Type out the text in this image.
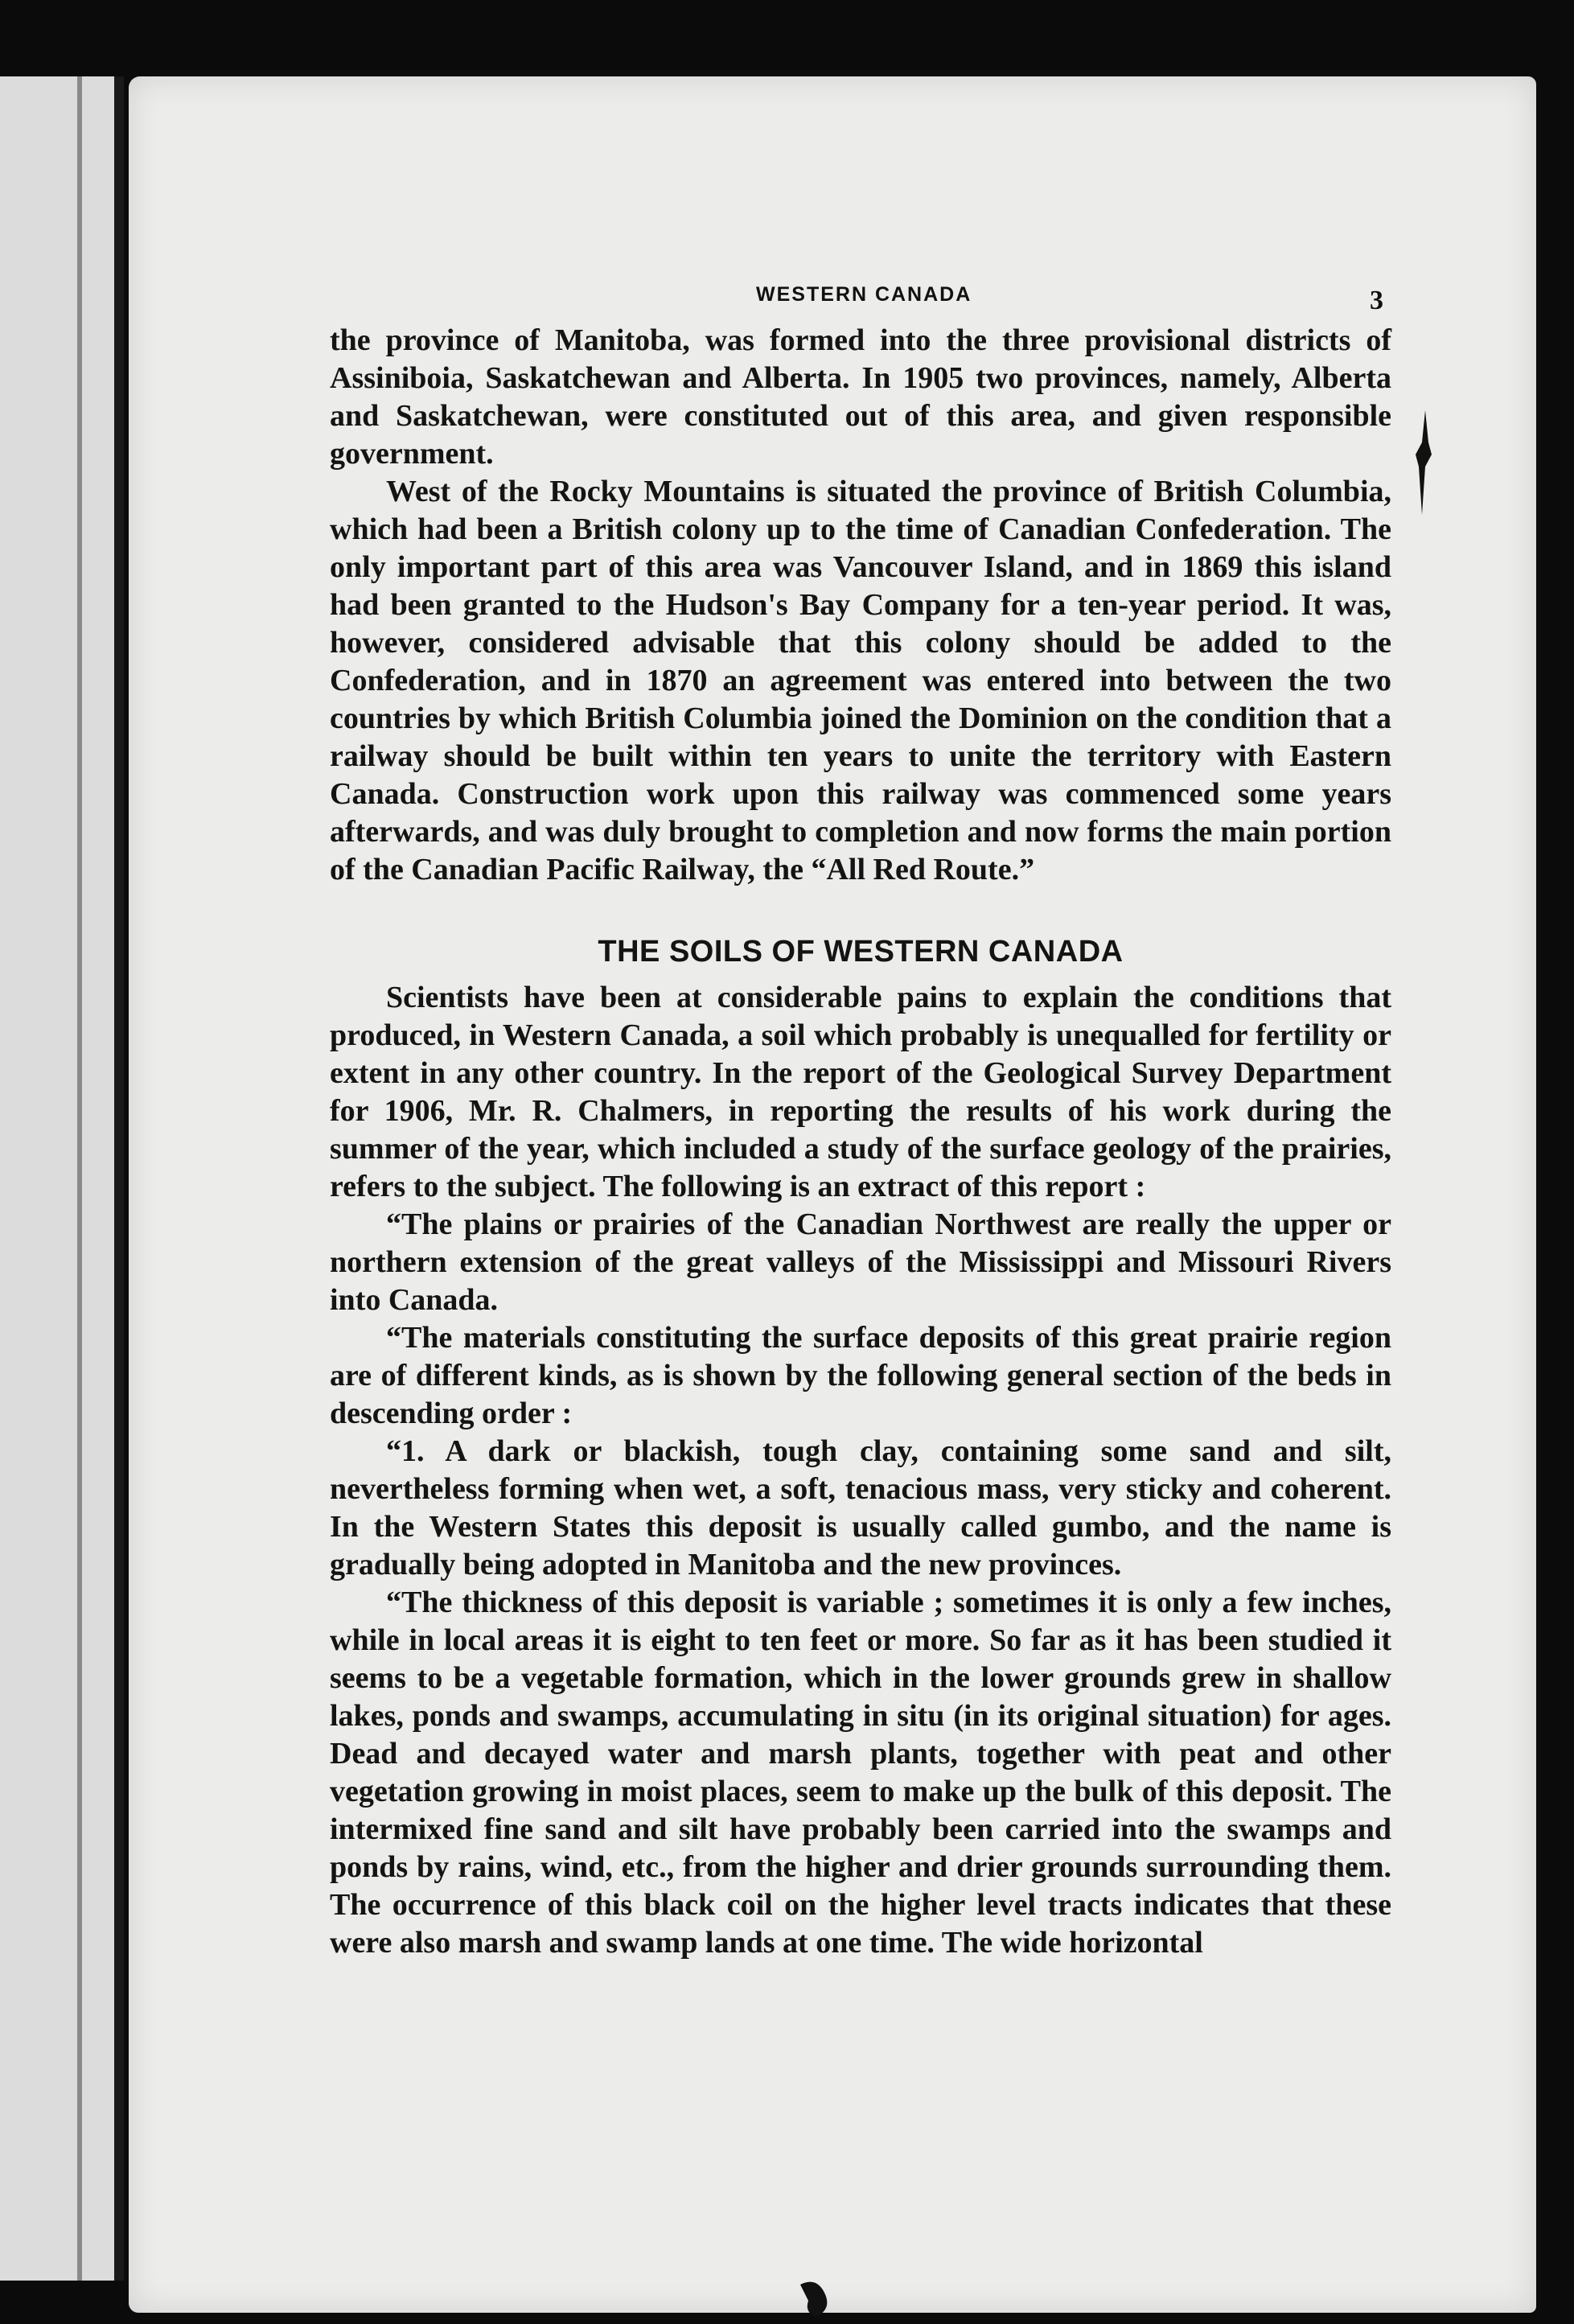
WESTERN CANADA	3

the province of Manitoba, was formed into the three provisional districts of Assiniboia, Saskatchewan and Alberta. In 1905 two provinces, namely, Alberta and Saskatchewan, were constituted out of this area, and given responsible government.

West of the Rocky Mountains is situated the province of British Columbia, which had been a British colony up to the time of Canadian Confederation. The only important part of this area was Vancouver Island, and in 1869 this island had been granted to the Hudson's Bay Company for a ten-year period. It was, however, considered advisable that this colony should be added to the Confederation, and in 1870 an agreement was entered into between the two countries by which British Columbia joined the Dominion on the condition that a railway should be built within ten years to unite the territory with Eastern Canada. Construction work upon this railway was commenced some years afterwards, and was duly brought to completion and now forms the main portion of the Canadian Pacific Railway, the “All Red Route.”

THE SOILS OF WESTERN CANADA

Scientists have been at considerable pains to explain the conditions that produced, in Western Canada, a soil which probably is unequalled for fertility or extent in any other country. In the report of the Geological Survey Department for 1906, Mr. R. Chalmers, in reporting the results of his work during the summer of the year, which included a study of the surface geology of the prairies, refers to the subject. The following is an extract of this report :

“The plains or prairies of the Canadian Northwest are really the upper or northern extension of the great valleys of the Mississippi and Missouri Rivers into Canada.

“The materials constituting the surface deposits of this great prairie region are of different kinds, as is shown by the following general section of the beds in descending order :

“1. A dark or blackish, tough clay, containing some sand and silt, nevertheless forming when wet, a soft, tenacious mass, very sticky and coherent. In the Western States this deposit is usually called gumbo, and the name is gradually being adopted in Manitoba and the new provinces.

“The thickness of this deposit is variable ; sometimes it is only a few inches, while in local areas it is eight to ten feet or more. So far as it has been studied it seems to be a vegetable formation, which in the lower grounds grew in shallow lakes, ponds and swamps, accumulating in situ (in its original situation) for ages. Dead and decayed water and marsh plants, together with peat and other vegetation growing in moist places, seem to make up the bulk of this deposit. The intermixed fine sand and silt have probably been carried into the swamps and ponds by rains, wind, etc., from the higher and drier grounds surrounding them. The occurrence of this black coil on the higher level tracts indicates that these were also marsh and swamp lands at one time. The wide horizontal
